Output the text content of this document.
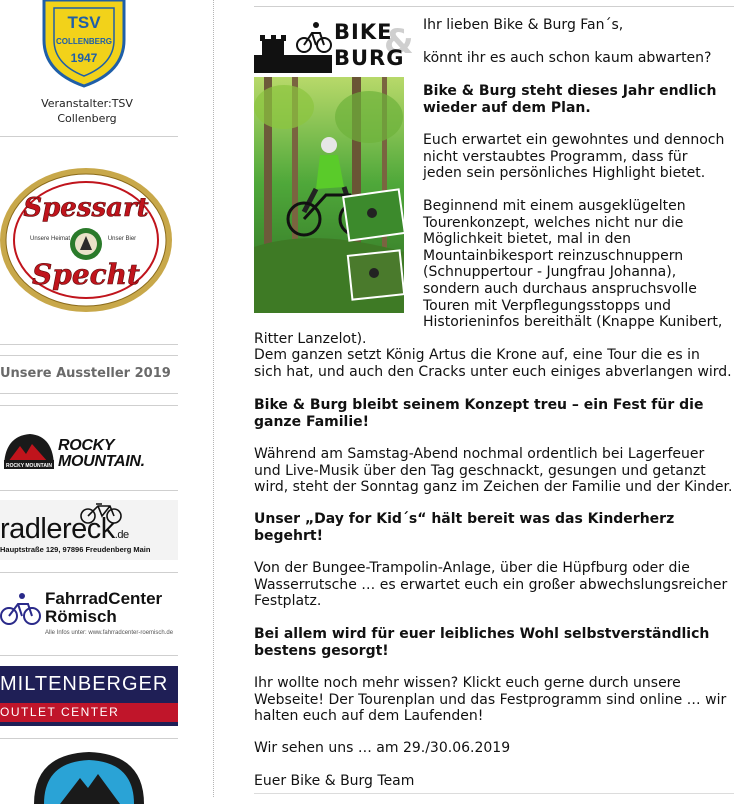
TSV
COLLENBERG
1947
Veranstalter:TSV
Collenberg
Spessart
Unsere Heimat	Unser Bier
Specht
Unsere Aussteller 2019
ROCKY MOUNTAIN
ROCKY
MOUNTAIN.
radlereck.de
Hauptstraße 129, 97896 Freudenberg Main
FahrradCenter
Römisch
Alle Infos unter: www.fahrradcenter-roemisch.de
MILTENBERGER
OUTLET CENTER
&
BIKE
BURG
Ihr lieben Bike & Burg Fan´s,
könnt ihr es auch schon kaum abwarten?
Bike & Burg steht dieses Jahr endlich
wieder auf dem Plan.
Euch erwartet ein gewohntes und dennoch
nicht verstaubtes Programm, dass für
jeden sein persönliches Highlight bietet.
Beginnend mit einem ausgeklügelten
Tourenkonzept, welches nicht nur die
Möglichkeit bietet, mal in den
Mountainbikesport reinzuschnuppern
(Schnuppertour - Jungfrau Johanna),
sondern auch durchaus anspruchsvolle
Touren mit Verpflegungsstopps und
Historieninfos bereithält (Knappe Kunibert,
Ritter Lanzelot).
Dem ganzen setzt König Artus die Krone auf, eine Tour die es in
sich hat, und auch den Cracks unter euch einiges abverlangen wird.
Bike & Burg bleibt seinem Konzept treu – ein Fest für die
ganze Familie!
Während am Samstag-Abend nochmal ordentlich bei Lagerfeuer
und Live-Musik über den Tag geschnackt, gesungen und getanzt
wird, steht der Sonntag ganz im Zeichen der Familie und der Kinder.
Unser „Day for Kid´s“ hält bereit was das Kinderherz
begehrt!
Von der Bungee-Trampolin-Anlage, über die Hüpfburg oder die
Wasserrutsche … es erwartet euch ein großer abwechslungsreicher
Festplatz.
Bei allem wird für euer leibliches Wohl selbstverständlich
bestens gesorgt!
Ihr wollte noch mehr wissen? Klickt euch gerne durch unsere
Webseite! Der Tourenplan und das Festprogramm sind online … wir
halten euch auf dem Laufenden!
Wir sehen uns … am 29./30.06.2019
Euer Bike & Burg Team
